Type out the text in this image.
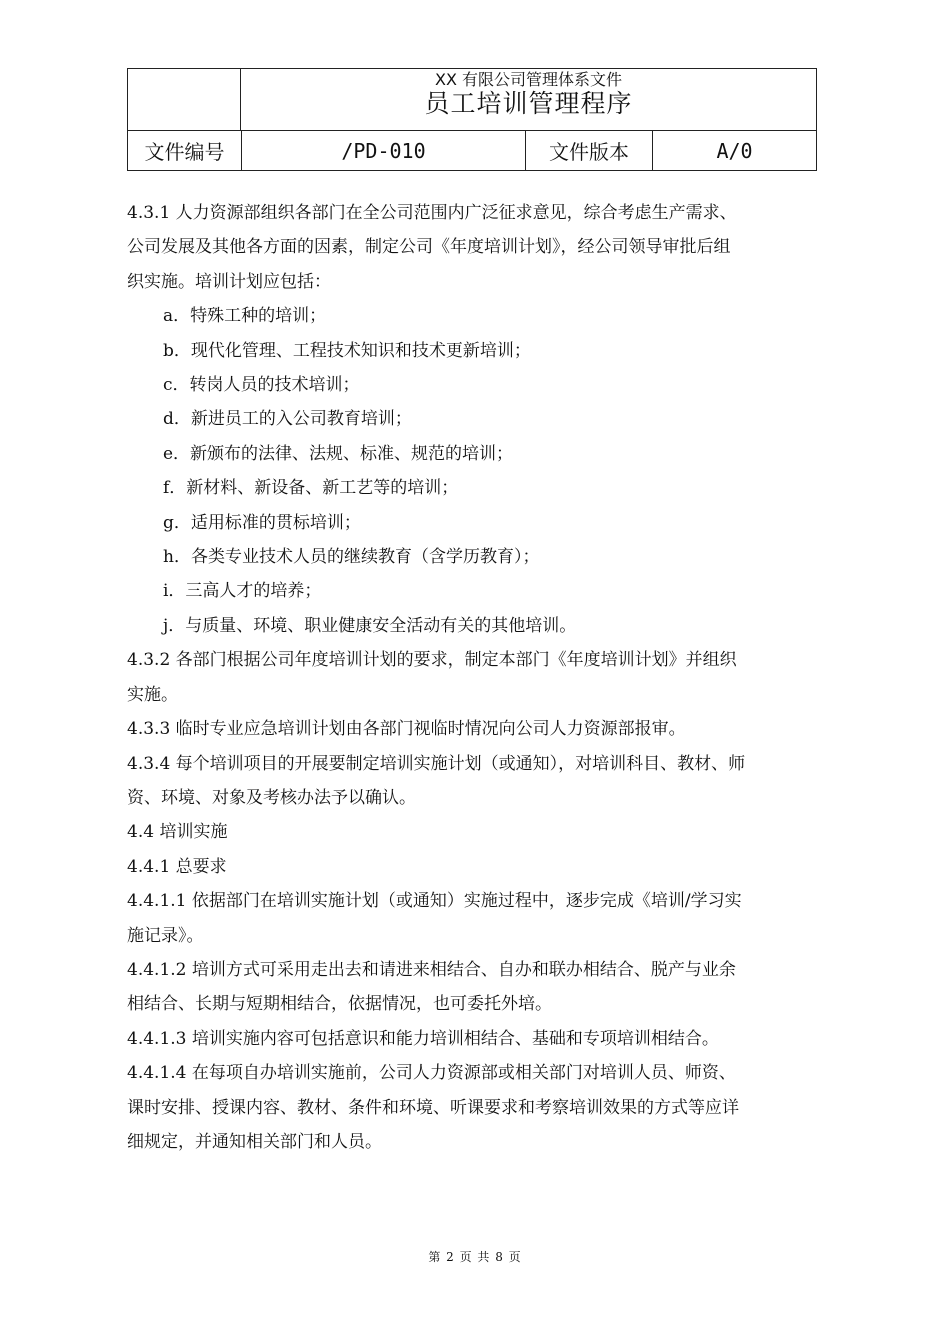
XX 有限公司管理体系文件
员工培训管理程序
文件编号	/PD-010	文件版本	A/0
4.3.1 人力资源部组织各部门在全公司范围内广泛征求意见，综合考虑生产需求、
公司发展及其他各方面的因素，制定公司《年度培训计划》，经公司领导审批后组
织实施。培训计划应包括：
a．特殊工种的培训；
b．现代化管理、工程技术知识和技术更新培训；
c．转岗人员的技术培训；
d．新进员工的入公司教育培训；
e．新颁布的法律、法规、标准、规范的培训；
f．新材料、新设备、新工艺等的培训；
g．适用标准的贯标培训；
h．各类专业技术人员的继续教育（含学历教育）；
i．三高人才的培养；
j．与质量、环境、职业健康安全活动有关的其他培训。
4.3.2 各部门根据公司年度培训计划的要求，制定本部门《年度培训计划》并组织
实施。
4.3.3 临时专业应急培训计划由各部门视临时情况向公司人力资源部报审。
4.3.4 每个培训项目的开展要制定培训实施计划（或通知），对培训科目、教材、师
资、环境、对象及考核办法予以确认。
4.4 培训实施
4.4.1 总要求
4.4.1.1 依据部门在培训实施计划（或通知）实施过程中，逐步完成《培训/学习实
施记录》。
4.4.1.2 培训方式可采用走出去和请进来相结合、自办和联办相结合、脱产与业余
相结合、长期与短期相结合，依据情况，也可委托外培。
4.4.1.3 培训实施内容可包括意识和能力培训相结合、基础和专项培训相结合。
4.4.1.4 在每项自办培训实施前，公司人力资源部或相关部门对培训人员、师资、
课时安排、授课内容、教材、条件和环境、听课要求和考察培训效果的方式等应详
细规定，并通知相关部门和人员。
第 2 页 共 8 页
